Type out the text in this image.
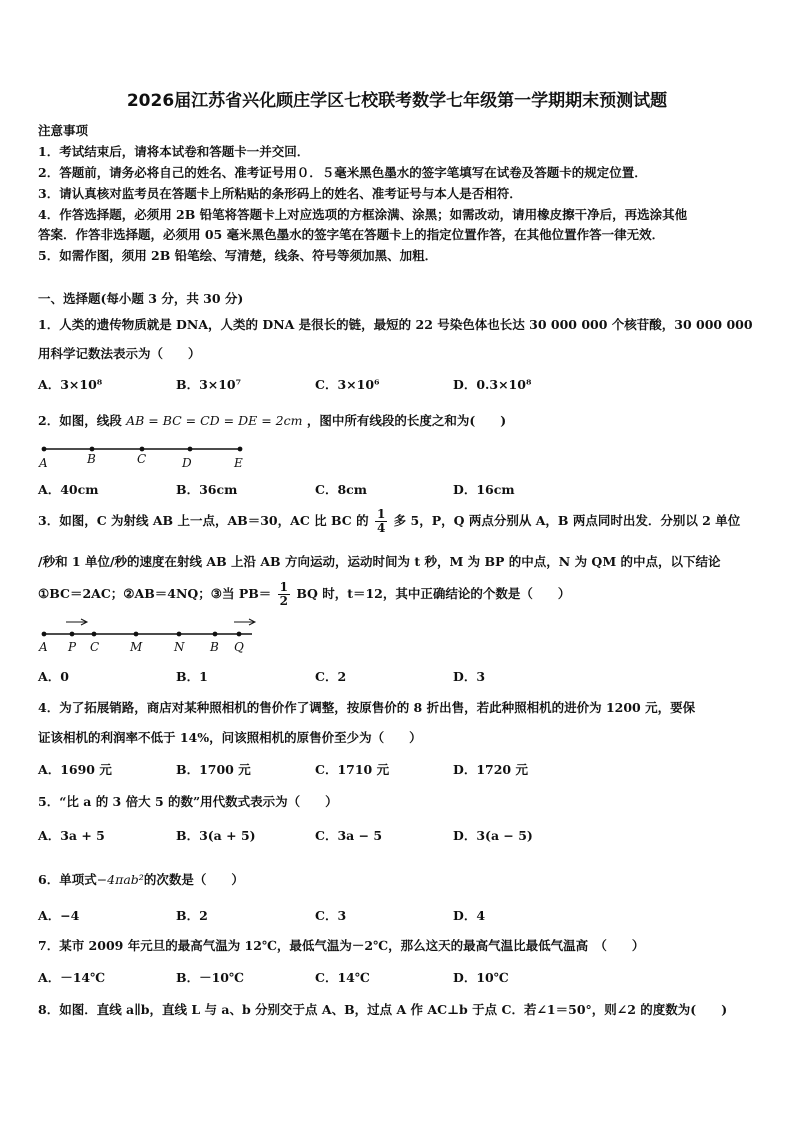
2026届江苏省兴化顾庄学区七校联考数学七年级第一学期期末预测试题
注意事项
1．考试结束后，请将本试卷和答题卡一并交回．
2．答题前，请务必将自己的姓名、准考证号用０．５毫米黑色墨水的签字笔填写在试卷及答题卡的规定位置．
3．请认真核对监考员在答题卡上所粘贴的条形码上的姓名、准考证号与本人是否相符．
4．作答选择题，必须用 2B 铅笔将答题卡上对应选项的方框涂满、涂黑；如需改动，请用橡皮擦干净后，再选涂其他
答案．作答非选择题，必须用 05 毫米黑色墨水的签字笔在答题卡上的指定位置作答，在其他位置作答一律无效．
5．如需作图，须用 2B 铅笔绘、写清楚，线条、符号等须加黑、加粗．
一、选择题(每小题 3 分，共 30 分)
1．人类的遗传物质就是 DNA，人类的 DNA 是很长的链，最短的 22 号染色体也长达 30 000 000 个核苷酸，30 000 000
用科学记数法表示为（　　）
A．3×10⁸	B．3×10⁷	C．3×10⁶	D．0.3×10⁸
2．如图，线段 AB = BC = CD = DE = 2cm ，图中所有线段的长度之和为(　　)
A	B	C	D	E
A．40cm	B．36cm	C．8cm	D．16cm
3．如图，C 为射线 AB 上一点，AB＝30，AC 比 BC 的 $\frac{1}{4}$ 多 5，P，Q 两点分别从 A，B 两点同时出发．分别以 2 单位
/秒和 1 单位/秒的速度在射线 AB 上沿 AB 方向运动，运动时间为 t 秒，M 为 BP 的中点，N 为 QM 的中点，以下结论
①BC＝2AC；②AB＝4NQ；③当 $PB= \frac{1}{2}$ BQ 时，t＝12，其中正确结论的个数是（　　）
A P C	M	N B Q
A．0	B．1	C．2	D．3
4．为了拓展销路，商店对某种照相机的售价作了调整，按原售价的 8 折出售，若此种照相机的进价为 1200 元，要保
证该相机的利润率不低于 14%，问该照相机的原售价至少为（　　）
A．1690 元	B．1700 元	C．1710 元	D．1720 元
5．“比 a 的 3 倍大 5 的数”用代数式表示为（　　）
A．3a + 5	B．3(a + 5)	C．3a − 5	D．3(a − 5)
6．单项式−4πab²的次数是（　　）
A．−4	B．2	C．3	D．4
7．某市 2009 年元旦的最高气温为 12℃，最低气温为－2℃，那么这天的最高气温比最低气温高　（　　）
A．－14℃	B．－10℃	C．14℃	D．10℃
8．如图．直线 a∥b，直线 L 与 a、b 分别交于点 A、B，过点 A 作 AC⊥b 于点 C．若∠1＝50°，则∠2 的度数为(　　)
